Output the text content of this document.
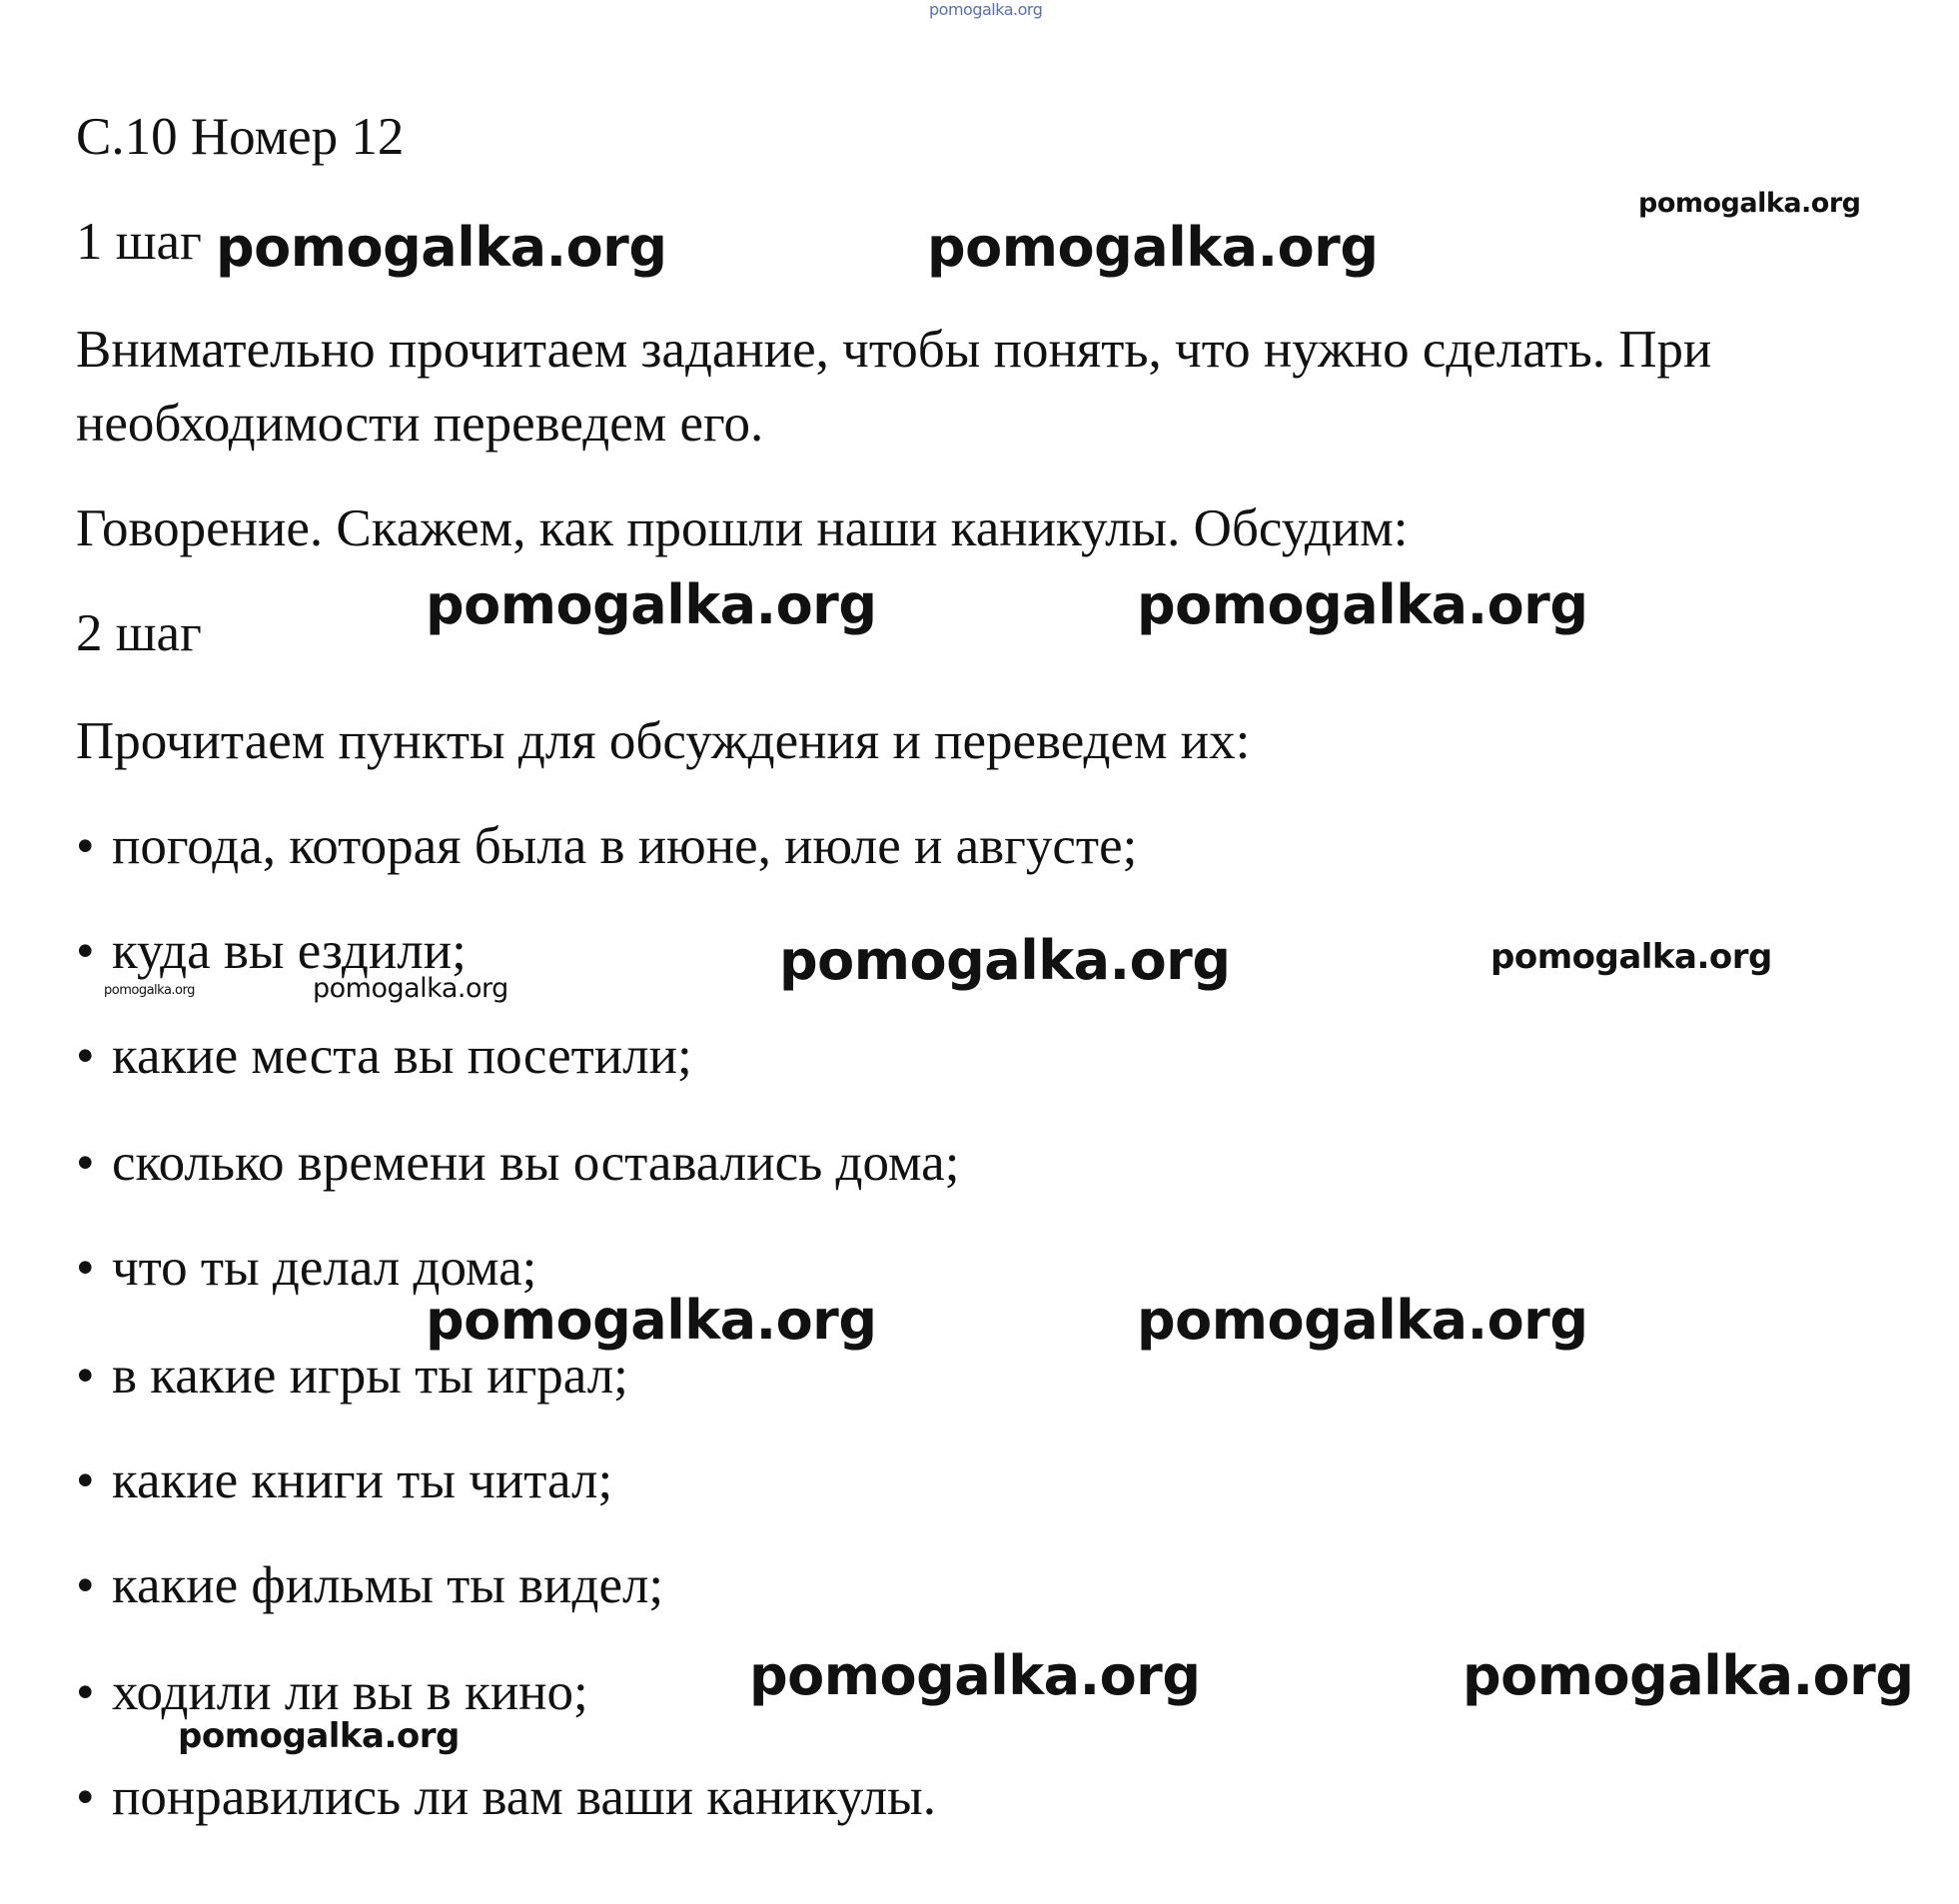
pomogalka.org
С.10 Номер 12
1 шаг

Внимательно прочитаем задание, чтобы понять, что нужно сделать. При

необходимости переведем его.

Говорение. Скажем, как прошли наши каникулы. Обсудим:

2 шаг

Прочитаем пункты для обсуждения и переведем их:

• погода, которая была в июне, июле и августе;
• куда вы ездили;
• какие места вы посетили;
• сколько времени вы оставались дома;
• что ты делал дома;
• в какие игры ты играл;
• какие книги ты читал;
• какие фильмы ты видел;
• ходили ли вы в кино;
• понравились ли вам ваши каникулы.
pomogalka.org
pomogalka.org	pomogalka.org
pomogalka.org	pomogalka.org
pomogalka.org	pomogalka.org
pomogalka.org	pomogalka.org
pomogalka.org	pomogalka.org
pomogalka.org	pomogalka.org
pomogalka.org
